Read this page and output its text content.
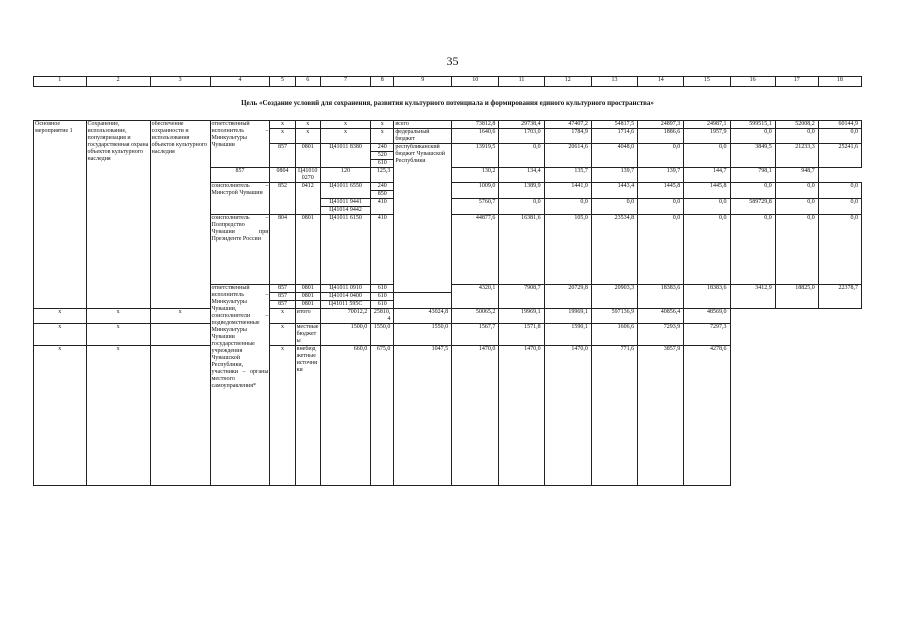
35
Цель «Создание условий для сохранения, развития культурного потенциала и формирования единого культурного пространства»
1	2	3	4	5	6	7	8	9	10	11	12	13	14	15	16	17	18

Основное мероприятие 1	Сохранение, использование, популяризация и государственная охрана объектов культурного наследия	обеспечение сохранности и использования объектов культурного наследия	ответственный исполнитель – Минкультуры Чувашии	x	x	x	x	всего	73812,8	29738,4	47407,2	54817,5	24897,3	24987,1	599515,1	52008,2	60144,9
				x	x	x	x	федеральный бюджет	1640,6	1703,0	1784,9	1714,6	1886,6	1957,9	0,0	0,0	0,0
				857	0801	Ц41011 8380	240	республиканский бюджет Чувашской Республики	13919,5	0,0	20614,6	4048,0	0,0	0,0	3849,5	21233,3	25241,6
							520										
							610										
			857	0804	Ц410100270	120	125,3		130,2	134,4	135,7	139,7	139,7	144,7	798,1	948,7	
			соисполнитель – Минстрой Чувашии	852	0412	Ц41011 6550	240		1009,0	1389,9	1441,0	1443,4	1445,8	1445,8	0,0	0,0	0,0
							850										
						Ц41011 9441	410		5760,7	0,0	0,0	0,0	0,0	0,0	589729,8	0,0	0,0
						Ц41014 9442											
			соисполнитель – Полпредство Чувашии при Президенте России	804	0801	Ц41011 6150	410		44877,6	16381,6	105,0	23534,8	0,0	0,0	0,0	0,0	0,0
			ответственный исполнитель – Минкультуры Чувашии, соисполнители – подведомственные Минкультуры Чувашии государственные учреждения Чувашской Республики, участники – органы местного самоуправления*	857	0801	Ц41011 0910	610		4320,1	7908,7	20729,8	20903,3	18383,6	18383,6	3412,9	18825,0	22378,7
				857	0801	Ц41014 0400	610										
				857	0801	Ц41011 595С	610										
x	x	x		x	итого	70012,2	25810,4	43024,8	50065,2	19969,1	19969,1	597136,9	40856,4	48569,0			
x	x			x	местные бюджеты	1500,0	1550,0	1550,0	1567,7	1571,8	1590,1	1606,6	7293,9	7297,3			
x	x			x	внебюджетные источники	660,0	675,0	1047,5	1470,0	1470,0	1470,0	771,6	3857,9	4278,6			
